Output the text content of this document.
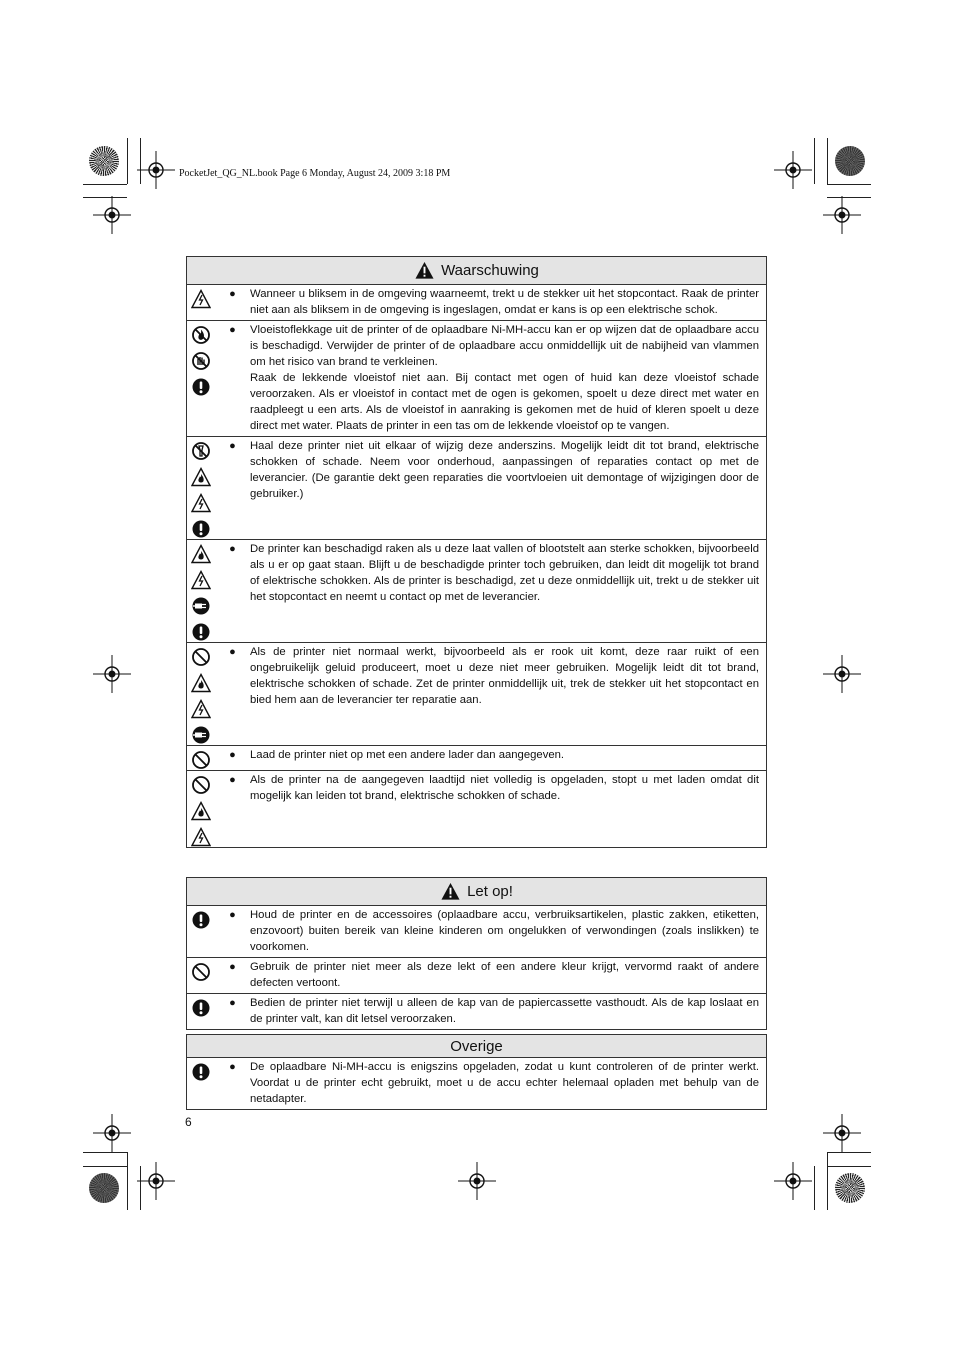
PocketJet_QG_NL.book Page 6 Monday, August 24, 2009 3:18 PM
Waarschuwing
●	Wanneer u bliksem in de omgeving waarneemt, trekt u de stekker uit het stopcontact. Raak de printer niet aan als bliksem in de omgeving is ingeslagen, omdat er kans is op een elektrische schok.

●	Vloeistoflekkage uit de printer of de oplaadbare Ni-MH-accu kan er op wijzen dat de oplaadbare accu is beschadigd. Verwijder de printer of de oplaadbare accu onmiddellijk uit de nabijheid van vlammen om het risico van brand te verkleinen.

Raak de lekkende vloeistof niet aan. Bij contact met ogen of huid kan deze vloeistof schade veroorzaken. Als er vloeistof in contact met de ogen is gekomen, spoelt u deze direct met water en raadpleegt u een arts. Als de vloeistof in aanraking is gekomen met de huid of kleren spoelt u deze direct met water. Plaats de printer in een tas om de lekkende vloeistof op te vangen.

●	Haal deze printer niet uit elkaar of wijzig deze anderszins. Mogelijk leidt dit tot brand, elektrische schokken of schade. Neem voor onderhoud, aanpassingen of reparaties contact op met de leverancier. (De garantie dekt geen reparaties die voortvloeien uit demontage of wijzigingen door de gebruiker.)

●	De printer kan beschadigd raken als u deze laat vallen of blootstelt aan sterke schokken, bijvoorbeeld als u er op gaat staan. Blijft u de beschadigde printer toch gebruiken, dan leidt dit mogelijk tot brand of elektrische schokken. Als de printer is beschadigd, zet u deze onmiddellijk uit, trekt u de stekker uit het stopcontact en neemt u contact op met de leverancier.

●	Als de printer niet normaal werkt, bijvoorbeeld als er rook uit komt, deze raar ruikt of een ongebruikelijk geluid produceert, moet u deze niet meer gebruiken. Mogelijk leidt dit tot brand, elektrische schokken of schade. Zet de printer onmiddellijk uit, trek de stekker uit het stopcontact en bied hem aan de leverancier ter reparatie aan.

●	Laad de printer niet op met een andere lader dan aangegeven.

●	Als de printer na de aangegeven laadtijd niet volledig is opgeladen, stopt u met laden omdat dit mogelijk kan leiden tot brand, elektrische schokken of schade.

Let op!
●	Houd de printer en de accessoires (oplaadbare accu, verbruiksartikelen, plastic zakken, etiketten, enzovoort) buiten bereik van kleine kinderen om ongelukken of verwondingen (zoals inslikken) te voorkomen.

●	Gebruik de printer niet meer als deze lekt of een andere kleur krijgt, vervormd raakt of andere defecten vertoont.

●	Bedien de printer niet terwijl u alleen de kap van de papiercassette vasthoudt. Als de kap loslaat en de printer valt, kan dit letsel veroorzaken.

Overige
●	De oplaadbare Ni-MH-accu is enigszins opgeladen, zodat u kunt controleren of de printer werkt. Voordat u de printer echt gebruikt, moet u de accu echter helemaal opladen met behulp van de netadapter.

6
